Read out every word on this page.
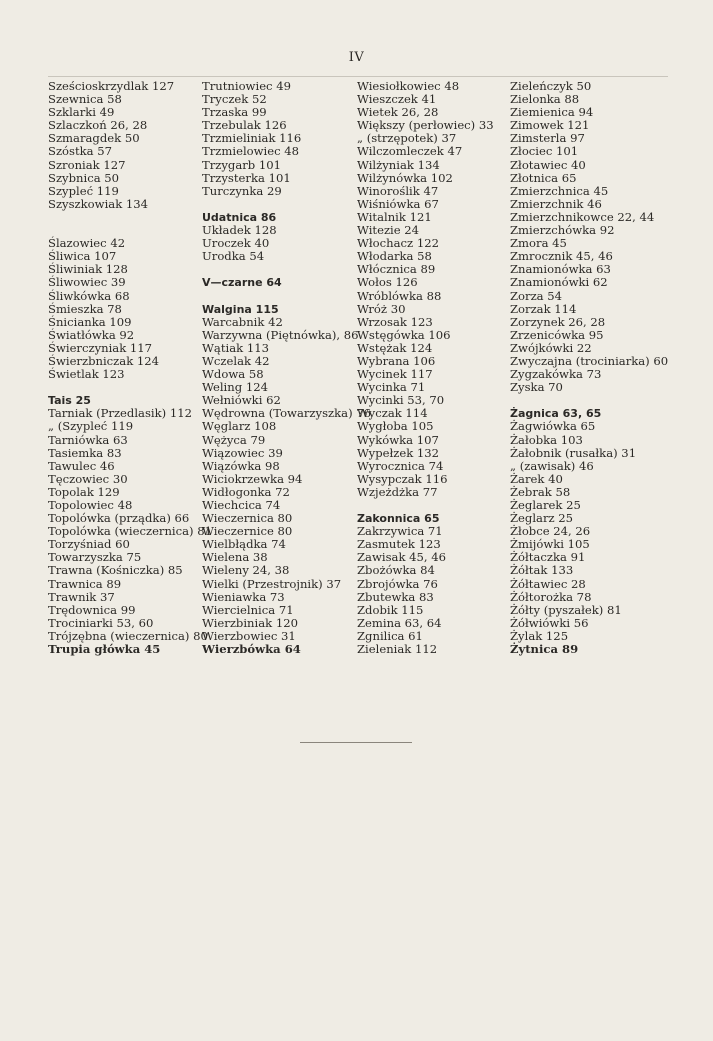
IV
Sześcioskrzydlak 127
Szewnica 58
Szklarki 49
Szlaczkoń 26, 28
Szmaragdek 50
Szóstka 57
Szroniak 127
Szybnica 50
Szypleć 119
Szyszkowiak 134
Ślazowiec 42
Śliwica 107
Śliwiniak 128
Śliwowiec 39
Śliwkówka 68
Śmieszka 78
Śnicianka 109
Światłówka 92
Świerczyniak 117
Świerzbniczak 124
Świetlak 123
Tais 25
Tarniak (Przedlasik) 112
„ (Szypleć 119
Tarniówka 63
Tasiemka 83
Tawulec 46
Tęczowiec 30
Topolak 129
Topolowiec 48
Topolówka (prządka) 66
Topolówka (wieczernica) 81
Torzyśniad 60
Towarzyszka 75
Trawna (Kośniczka) 85
Trawnica 89
Trawnik 37
Trędownica 99
Trociniarki 53, 60
Trójzębna (wieczernica) 80
Trupia główka 45
Trutniowiec 49
Tryczek 52
Trzaska 99
Trzebulak 126
Trzmieliniak 116
Trzmielowiec 48
Trzygarb 101
Trzysterka 101
Turczynka 29
Udatnica 86
Układek 128
Uroczek 40
Urodka 54
V—czarne 64
Walgina 115
Warcabnik 42
Warzywna (Piętnówka), 86
Wątiak 113
Wczelak 42
Wdowa 58
Weling 124
Wełniówki 62
Wędrowna (Towarzyszka) 76
Węglarz 108
Wężyca 79
Wiązowiec 39
Wiązówka 98
Wiciokrzewka 94
Widłogonka 72
Wiechcica 74
Wieczernica 80
Wieczernice 80
Wielbłądka 74
Wielena 38
Wieleny 24, 38
Wielki (Przestrojnik) 37
Wieniawka 73
Wiercielnica 71
Wierzbiniak 120
Wierzbowiec 31
Wierzbówka 64
Wiesiołkowiec 48
Wieszczek 41
Wietek 26, 28
Większy (perłowiec) 33
„ (strzępotek) 37
Wilczomleczek 47
Wilżyniak 134
Wilżynówka 102
Winoroślik 47
Wiśniówka 67
Witalnik 121
Witezie 24
Włochacz 122
Włodarka 58
Włócznica 89
Wołos 126
Wróblówka 88
Wróż 30
Wrzosak 123
Wstęgówka 106
Wstężak 124
Wybrana 106
Wycinek 117
Wycinka 71
Wycinki 53, 70
Wyczak 114
Wygłoba 105
Wykówka 107
Wypełzek 132
Wyrocznica 74
Wysypczak 116
Wzjeżdżka 77
Zakonnica 65
Zakrzywica 71
Zasmutek 123
Zawisak 45, 46
Zbożówka 84
Zbrojówka 76
Zbutewka 83
Zdobik 115
Zemina 63, 64
Zgnilica 61
Zieleniak 112
Zieleńczyk 50
Zielonka 88
Ziemienica 94
Zimowek 121
Zimsterla 97
Złociec 101
Złotawiec 40
Złotnica 65
Zmierzchnica 45
Zmierzchnik 46
Zmierzchnikowce 22, 44
Zmierzchówka 92
Zmora 45
Zmrocznik 45, 46
Znamionówka 63
Znamionówki 62
Zorza 54
Zorzak 114
Zorzynek 26, 28
Zrzenicówka 95
Zwójkówki 22
Zwyczajna (trociniarka) 60
Zygzakówka 73
Zyska 70
Żagnica 63, 65
Żagwiówka 65
Żałobka 103
Żałobnik (rusałka) 31
„ (zawisak) 46
Żarek 40
Żebrak 58
Żeglarek 25
Żeglarz 25
Żłobce 24, 26
Żmijówki 105
Żółtaczka 91
Żółtak 133
Żółtawiec 28
Żółtorożka 78
Żółty (pyszałek) 81
Żółwiówki 56
Żylak 125
Żytnica 89
